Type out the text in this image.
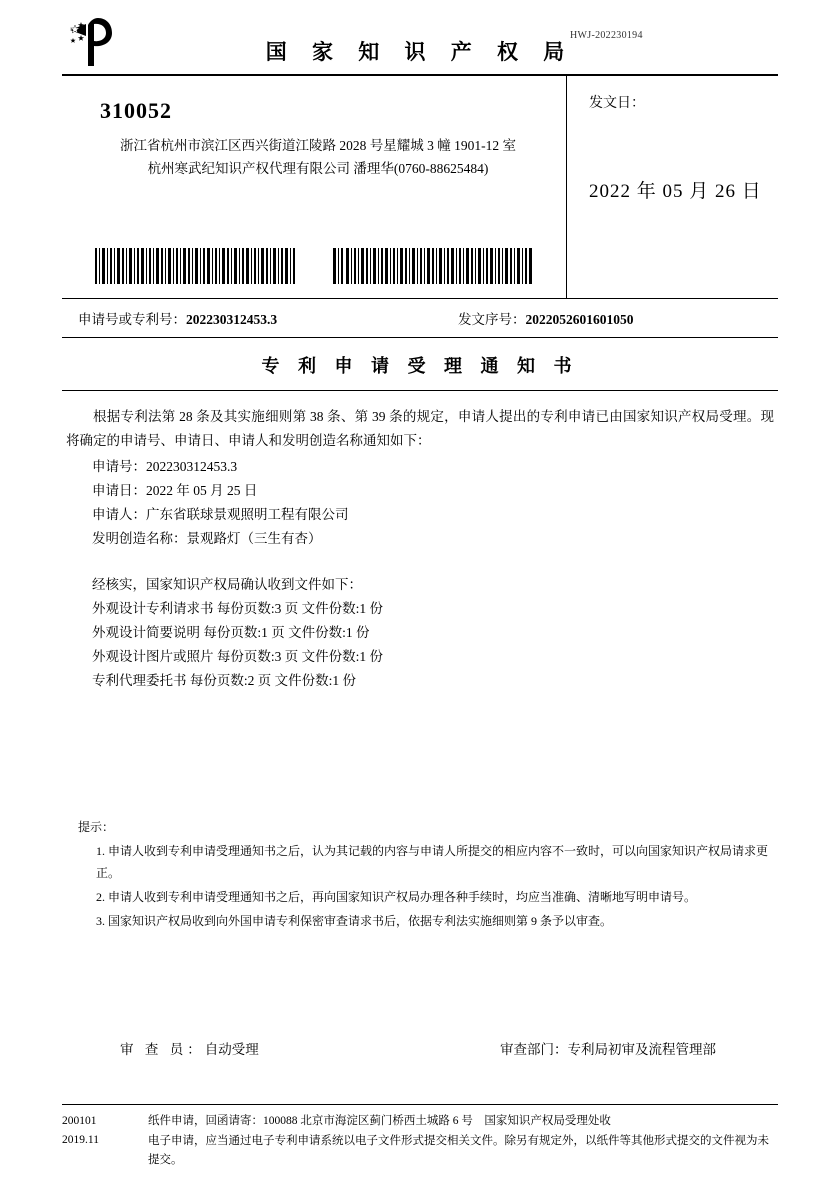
HWJ-202230194
国 家 知 识 产 权 局
310052
浙江省杭州市滨江区西兴街道江陵路 2028 号星耀城 3 幢 1901-12 室
杭州寒武纪知识产权代理有限公司 潘理华(0760-88625484)
发文日：
2022 年 05 月 26 日
申请号或专利号：202230312453.3	发文序号：2022052601601050
专 利 申 请 受 理 通 知 书

根据专利法第 28 条及其实施细则第 38 条、第 39 条的规定，申请人提出的专利申请已由国家知识产权局受理。现将确定的申请号、申请日、申请人和发明创造名称通知如下：

申请号：202230312453.3

申请日：2022 年 05 月 25 日

申请人：广东省联球景观照明工程有限公司

发明创造名称：景观路灯（三生有杏）

经核实，国家知识产权局确认收到文件如下：

外观设计专利请求书 每份页数:3 页 文件份数:1 份

外观设计简要说明 每份页数:1 页 文件份数:1 份

外观设计图片或照片 每份页数:3 页 文件份数:1 份

专利代理委托书 每份页数:2 页 文件份数:1 份

提示：
1. 申请人收到专利申请受理通知书之后，认为其记载的内容与申请人所提交的相应内容不一致时，可以向国家知识产权局请求更正。
2. 申请人收到专利申请受理通知书之后，再向国家知识产权局办理各种手续时，均应当准确、清晰地写明申请号。
3. 国家知识产权局收到向外国申请专利保密审查请求书后，依据专利法实施细则第 9 条予以审查。
审 查 员：自动受理	审查部门：专利局初审及流程管理部
200101
2019.11
纸件申请，回函请寄：100088 北京市海淀区蓟门桥西土城路 6 号　国家知识产权局受理处收
电子申请，应当通过电子专利申请系统以电子文件形式提交相关文件。除另有规定外，以纸件等其他形式提交的文件视为未提交。
